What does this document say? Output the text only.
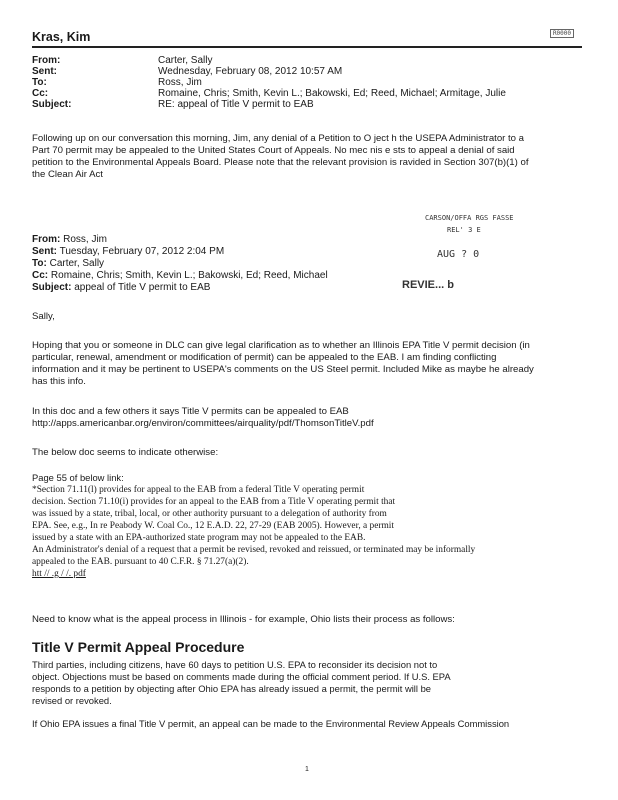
Kras, Kim	R0000
From:	Carter, Sally
Sent:	Wednesday, February 08, 2012 10:57 AM
To:	Ross, Jim
Cc:	Romaine, Chris; Smith, Kevin L.; Bakowski, Ed; Reed, Michael; Armitage, Julie
Subject:	RE: appeal of Title V permit to EAB
Following up on our conversation this morning, Jim, any denial of a Petition to O ject h the USEPA Administrator to a
Part 70 permit may be appealed to the United States Court of Appeals. No mec nis e sts to appeal a denial of said
petition to the Environmental Appeals Board. Please note that the relevant provision is ravided in Section 307(b)(1) of
the Clean Air Act
CARSON/OFFA RGS FASSE
REL' 3 E
AUG ? 0
REVIE... b
From: Ross, Jim
Sent: Tuesday, February 07, 2012 2:04 PM
To: Carter, Sally
Cc: Romaine, Chris; Smith, Kevin L.; Bakowski, Ed; Reed, Michael
Subject: appeal of Title V permit to EAB
Sally,
Hoping that you or someone in DLC can give legal clarification as to whether an Illinois EPA Title V permit decision (in
particular, renewal, amendment or modification of permit) can be appealed to the EAB. I am finding conflicting
information and it may be pertinent to USEPA's comments on the US Steel permit. Included Mike as maybe he already
has this info.
In this doc and a few others it says Title V permits can be appealed to EAB
http://apps.americanbar.org/environ/committees/airquality/pdf/ThomsonTitleV.pdf
The below doc seems to indicate otherwise:
Page 55 of below link:
*Section 71.11(l) provides for appeal to the EAB from a federal Title V operating permit
decision. Section 71.10(i) provides for an appeal to the EAB from a Title V operating permit that
was issued by a state, tribal, local, or other authority pursuant to a delegation of authority from
EPA. See, e.g., In re Peabody W. Coal Co., 12 E.A.D. 22, 27-29 (EAB 2005). However, a permit
issued by a state with an EPA-authorized state program may not be appealed to the EAB.
An Administrator's denial of a request that a permit be revised, revoked and reissued, or terminated may be informally
appealed to the EAB. pursuant to 40 C.F.R. § 71.27(a)(2).
htt // .g / /. pdf
Need to know what is the appeal process in Illinois - for example, Ohio lists their process as follows:
Title V Permit Appeal Procedure
Third parties, including citizens, have 60 days to petition U.S. EPA to reconsider its decision not to
object. Objections must be based on comments made during the official comment period. If U.S. EPA
responds to a petition by objecting after Ohio EPA has already issued a permit, the permit will be
revised or revoked.
If Ohio EPA issues a final Title V permit, an appeal can be made to the Environmental Review Appeals Commission
1
